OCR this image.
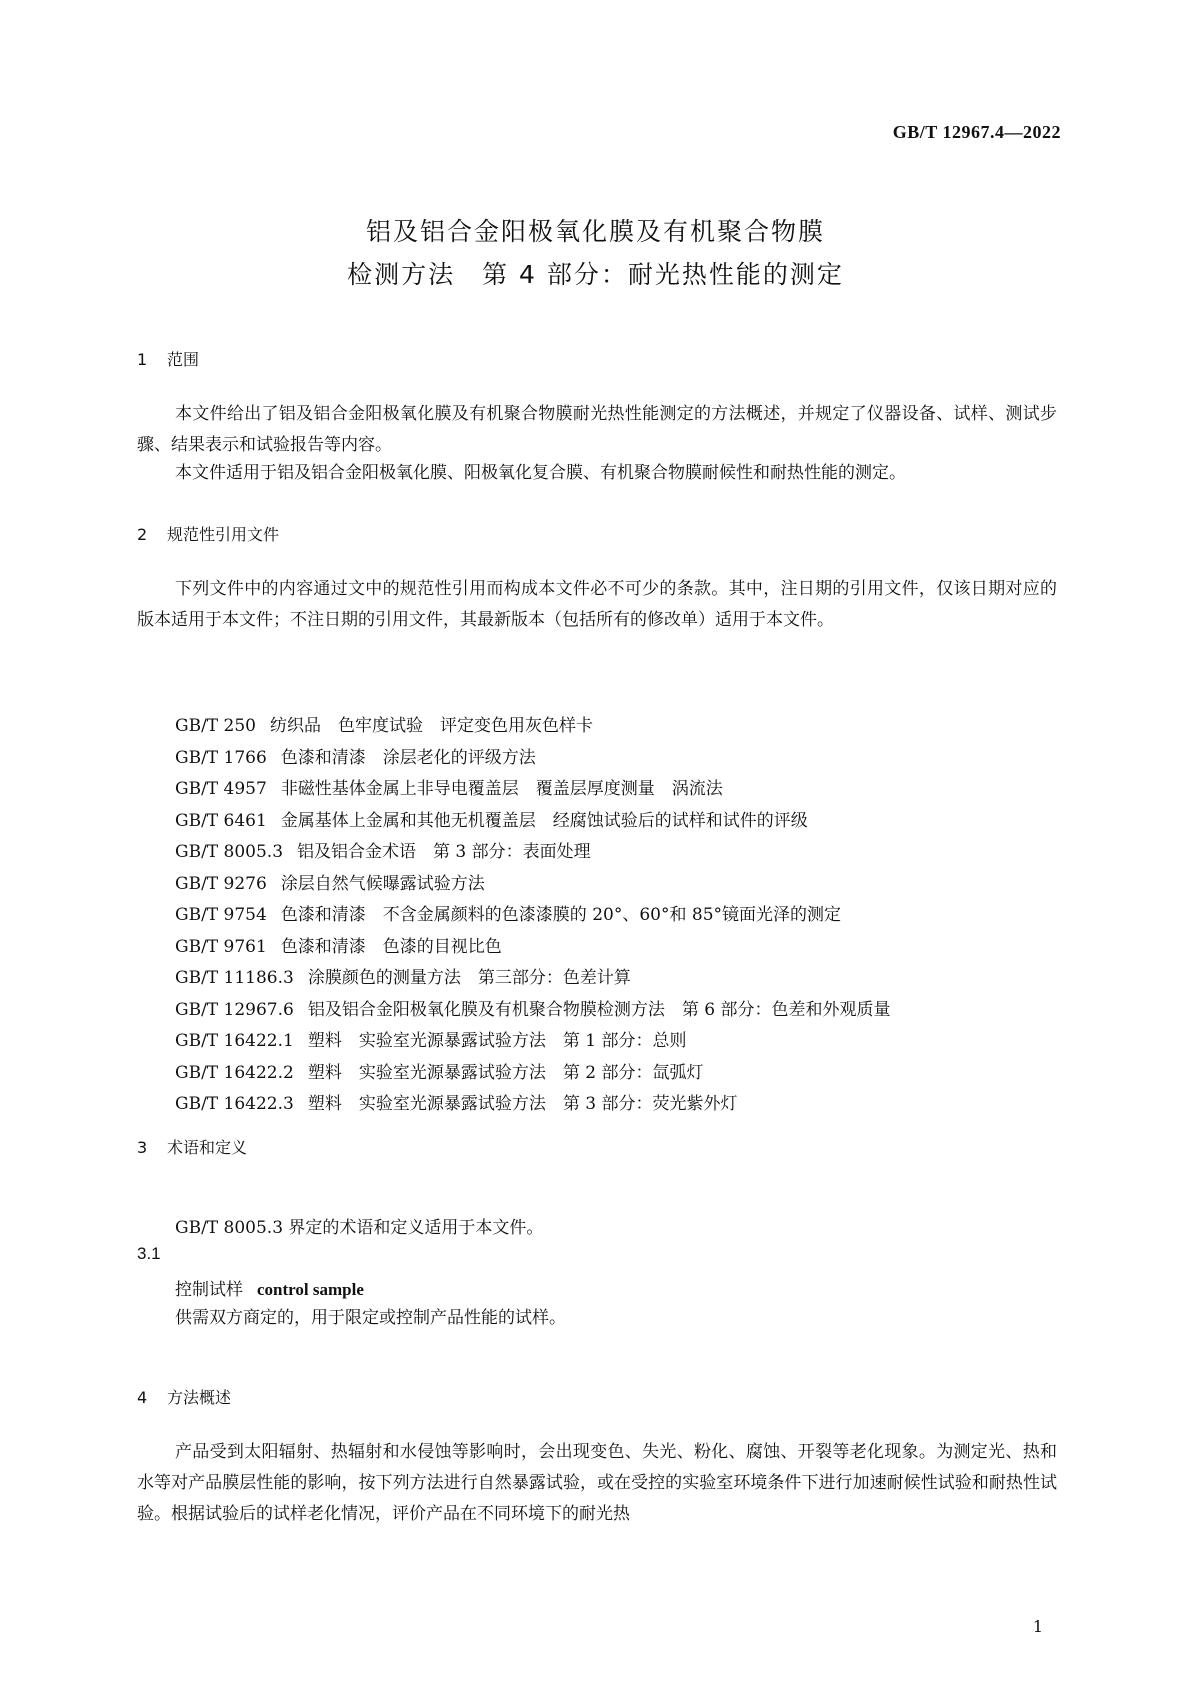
GB/T 12967.4—2022
铝及铝合金阳极氧化膜及有机聚合物膜
检测方法　第 4 部分：耐光热性能的测定
1 范围
本文件给出了铝及铝合金阳极氧化膜及有机聚合物膜耐光热性能测定的方法概述，并规定了仪器设备、试样、测试步骤、结果表示和试验报告等内容。
本文件适用于铝及铝合金阳极氧化膜、阳极氧化复合膜、有机聚合物膜耐候性和耐热性能的测定。
2 规范性引用文件
下列文件中的内容通过文中的规范性引用而构成本文件必不可少的条款。其中，注日期的引用文件，仅该日期对应的版本适用于本文件；不注日期的引用文件，其最新版本（包括所有的修改单）适用于本文件。
GB/T 250 纺织品　色牢度试验　评定变色用灰色样卡
GB/T 1766 色漆和清漆　涂层老化的评级方法
GB/T 4957 非磁性基体金属上非导电覆盖层　覆盖层厚度测量　涡流法
GB/T 6461 金属基体上金属和其他无机覆盖层　经腐蚀试验后的试样和试件的评级
GB/T 8005.3 铝及铝合金术语　第 3 部分：表面处理
GB/T 9276 涂层自然气候曝露试验方法
GB/T 9754 色漆和清漆　不含金属颜料的色漆漆膜的 20°、60°和 85°镜面光泽的测定
GB/T 9761 色漆和清漆　色漆的目视比色
GB/T 11186.3 涂膜颜色的测量方法　第三部分：色差计算
GB/T 12967.6 铝及铝合金阳极氧化膜及有机聚合物膜检测方法　第 6 部分：色差和外观质量
GB/T 16422.1 塑料　实验室光源暴露试验方法　第 1 部分：总则
GB/T 16422.2 塑料　实验室光源暴露试验方法　第 2 部分：氙弧灯
GB/T 16422.3 塑料　实验室光源暴露试验方法　第 3 部分：荧光紫外灯
3 术语和定义
GB/T 8005.3 界定的术语和定义适用于本文件。
3.1
控制试样 control sample
供需双方商定的，用于限定或控制产品性能的试样。
4 方法概述
产品受到太阳辐射、热辐射和水侵蚀等影响时，会出现变色、失光、粉化、腐蚀、开裂等老化现象。为测定光、热和水等对产品膜层性能的影响，按下列方法进行自然暴露试验，或在受控的实验室环境条件下进行加速耐候性试验和耐热性试验。根据试验后的试样老化情况，评价产品在不同环境下的耐光热
1
